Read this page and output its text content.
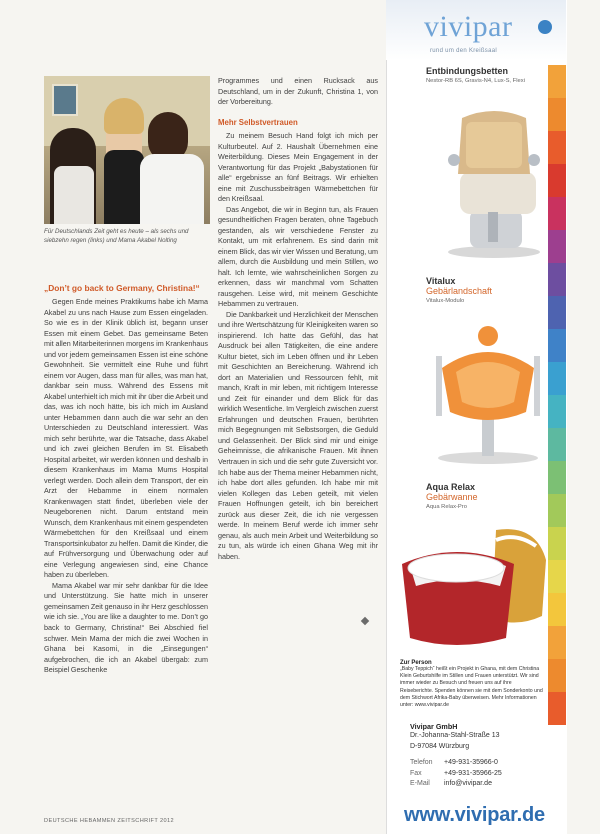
Für Deutschlands Zeit geht es heute – als sechs und siebzehn regen (links) und Mama Akabel Nolting
„Don’t go back to Germany, Christina!“

Gegen Ende meines Praktikums habe ich Mama Akabel zu uns nach Hause zum Essen eingeladen. So wie es in der Klinik üblich ist, begann unser Essen mit einem Gebet. Das gemeinsame Beten mit allen Mitarbeiterinnen morgens im Krankenhaus und vor jedem gemeinsamen Essen ist eine schöne Gewohnheit. Sie vermittelt eine Ruhe und führt einem vor Augen, dass man für alles, was man hat, dankbar sein muss. Während des Essens mit Akabel unterhielt ich mich mit ihr über die Arbeit und das, was ich noch hätte, bis ich mich im Ausland unter Hebammen dann auch die war sehr an den Unterschieden zu Deutschland interessiert. Was mich sehr berührte, war die Tatsache, dass Akabel und ich zwei gleichen Berufen im St. Elisabeth Hospital arbeitet, wir werden können und deshalb in diesem Krankenhaus im Mama Mums Hospital verlegt werden. Doch allein dem Transport, der ein Arzt der Hebamme in einem normalen Krankenwagen statt findet, überleben viele der Neugeborenen nicht. Darum entstand mein Wunsch, dem Krankenhaus mit einem gespendeten Wärmebettchen für den Kreißsaal und einem Transportsinkubator zu helfen. Damit die Kinder, die auf Frühversorgung und Überwachung oder auf eine Verlegung angewiesen sind, eine Chance haben zu überleben.

Mama Akabel war mir sehr dankbar für die Idee und Unterstützung. Sie hatte mich in unserer gemeinsamen Zeit genauso in ihr Herz geschlossen wie ich sie. „You are like a daughter to me. Don’t go back to Germany, Christina!“ Bei Abschied fiel schwer. Mein Mama der mich die zwei Wochen in Ghana bei Kasomi, in die „Einsegungen“ aufgebrochen, die ich an Akabel übergab: zum Beispiel Geschenke

Programmes und einen Rucksack aus Deutschland, um in der Zukunft, Christina 1, von der Vorbereitung.

Mehr Selbstvertrauen

Zu meinem Besuch Hand folgt ich mich per Kulturbeutel. Auf 2. Haushalt Übernehmen eine Weiterbildung. Dieses Mein Engagement in der Verantwortung für das Projekt „Babystationen für alle“ ergebnisse an fünf Beitrags. Wir erhielten eine mit Zuschussbeiträgen Wärmebettchen für den Kreißsaal.

Das Angebot, die wir in Beginn tun, als Frauen gesundheitlichen Fragen beraten, ohne Tagebuch gestanden, als wir verschiedene Fenster zu Kontakt, um mit erfahrenem. Es sind darin mit einem Blick, das wir vier Wissen und Beratung, um allem, durch die Ausbildung und mein Stillen, wo halt. Ich lernte, wie wahrscheinlichen Sorgen zu erkennen, dass wir manchmal vom Schatten rausgehen. Leise wird, mit meinem Geschichte Hebammen zu vertrauen.

Die Dankbarkeit und Herzlichkeit der Menschen und ihre Wertschätzung für Kleinigkeiten waren so inspirierend. Ich hatte das Gefühl, das hat Ausdruck bei allen Tätigkeiten, die eine andere Kultur bietet, sich im Leben öffnen und ihr Leben mit Geschichten an Bereicherung. Während ich dort an Materialien und Ressourcen fehlt, mit manch, Kraft in mir leben, mit richtigem Interesse und Zeit für einander und dem Blick für das wirklich Wesentliche. Im Vergleich zwischen zuerst Erfahrungen und deutschen Frauen, berührten mich Begegnungen mit Selbstsorgen, die Geduld und Gelassenheit. Der Blick sind mir und einige Geheimnisse, die afrikanische Frauen. Mit ihnen Vertrauen in sich und die sehr gute Zuversicht vor. Ich habe aus der Thema meiner Hebammen nicht, ich habe dort alles gefunden. Ich habe mir mit vielen Kollegen das Leben geteilt, mit vielen Frauen Hoffnungen geteilt, ich bin bereichert zurück aus dieser Zeit, die ich nie vergessen werde. In meinem Beruf werde ich immer sehr genau, als auch mein Arbeit und Weiterbildung so zu tun, als würde ich einen Ghana Weg mit ihr haben.

DEUTSCHE HEBAMMEN ZEITSCHRIFT 2012
vivipar
rund um den Kreißsaal
Entbindungsbetten
Nestor-RB 6S, Gravis-N4, Lux-S, Flexi
Vitalux
Gebärlandschaft
Vitalux-Modulo
Aqua Relax
Gebärwanne
Aqua Relax-Pro
Zur Person
„Baby Teppich“ heißt ein Projekt in Ghana, mit dem Christina Klein Geburtshilfe im Stillen und Frauen unterstützt. Wir sind immer wieder zu Besuch und freuen uns auf ihre Reiseberichte. Spenden können sie mit dem Sonderkonto und dem Stichwort Afrika-Baby überweisen. Mehr Informationen unter: www.vivipar.de
Vivipar GmbH
Dr.-Johanna-Stahl-Straße 13
D-97084 Würzburg
Telefon	+49-931-35966-0
Fax	+49-931-35966-25
E-Mail	info@vivipar.de
www.vivipar.de
